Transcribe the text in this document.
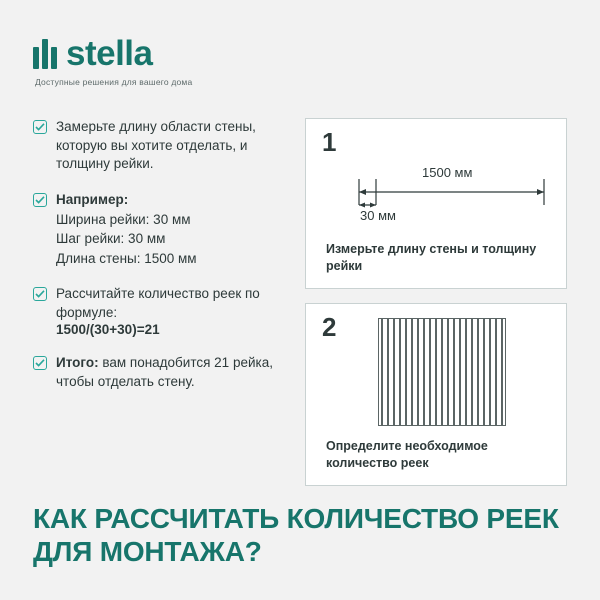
stella
Доступные решения для вашего дома
Замерьте длину области стены, которую вы хотите отделать, и толщину рейки.
Например:
Ширина рейки: 30 мм
Шаг рейки: 30 мм
Длина стены: 1500 мм
Рассчитайте количество реек по формуле:
1500/(30+30)=21
Итого: вам понадобится 21 рейка, чтобы отделать стену.
1
1500 мм
30 мм
Измерьте длину стены и толщину рейки
2
Определите необходимое количество реек
КАК РАССЧИТАТЬ КОЛИЧЕСТВО РЕЕК ДЛЯ МОНТАЖА?
